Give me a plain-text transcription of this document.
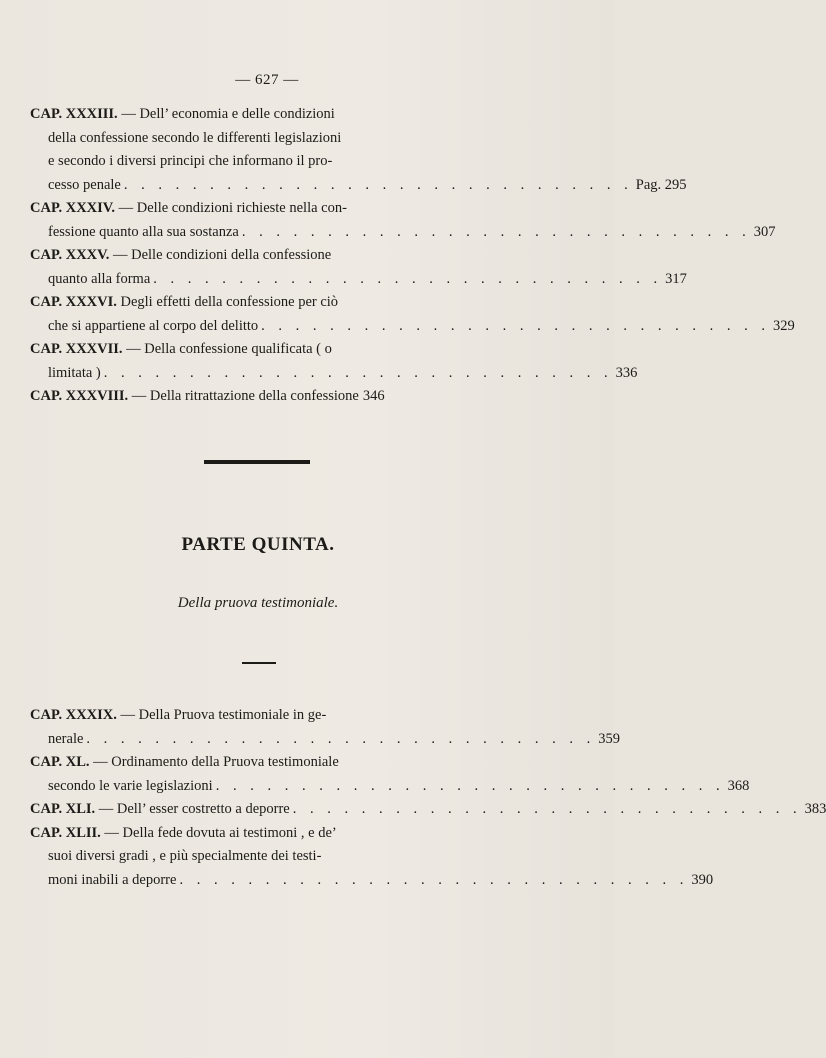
— 627 —
CAP. XXXIII. — Dell’ economia e delle condizioni
della confessione secondo le differenti legislazioni
e secondo i diversi principi che informano il pro-
cesso penale . . . . . . . . . . . . . . . . . . . . . . . . . . . . . . Pag. 295
CAP. XXXIV. — Delle condizioni richieste nella con-
fessione quanto alla sua sostanza . . . . . . . . . . . . . . . . . . . . . . . . . . . . . . 307
CAP. XXXV. — Delle condizioni della confessione
quanto alla forma . . . . . . . . . . . . . . . . . . . . . . . . . . . . . . 317
CAP. XXXVI. Degli effetti della confessione per ciò
che si appartiene al corpo del delitto . . . . . . . . . . . . . . . . . . . . . . . . . . . . . . 329
CAP. XXXVII. — Della confessione qualificata ( o
limitata ) . . . . . . . . . . . . . . . . . . . . . . . . . . . . . . 336
CAP. XXXVIII. — Della ritrattazione della confessione 346
PARTE QUINTA.
Della pruova testimoniale.
CAP. XXXIX. — Della Pruova testimoniale in ge-
nerale . . . . . . . . . . . . . . . . . . . . . . . . . . . . . . 359
CAP. XL. — Ordinamento della Pruova testimoniale
secondo le varie legislazioni . . . . . . . . . . . . . . . . . . . . . . . . . . . . . . 368
CAP. XLI. — Dell’ esser costretto a deporre . . . . . . . . . . . . . . . . . . . . . . . . . . . . . . 383
CAP. XLII. — Della fede dovuta ai testimoni , e de’
suoi diversi gradi , e più specialmente dei testi-
moni inabili a deporre . . . . . . . . . . . . . . . . . . . . . . . . . . . . . . 390
